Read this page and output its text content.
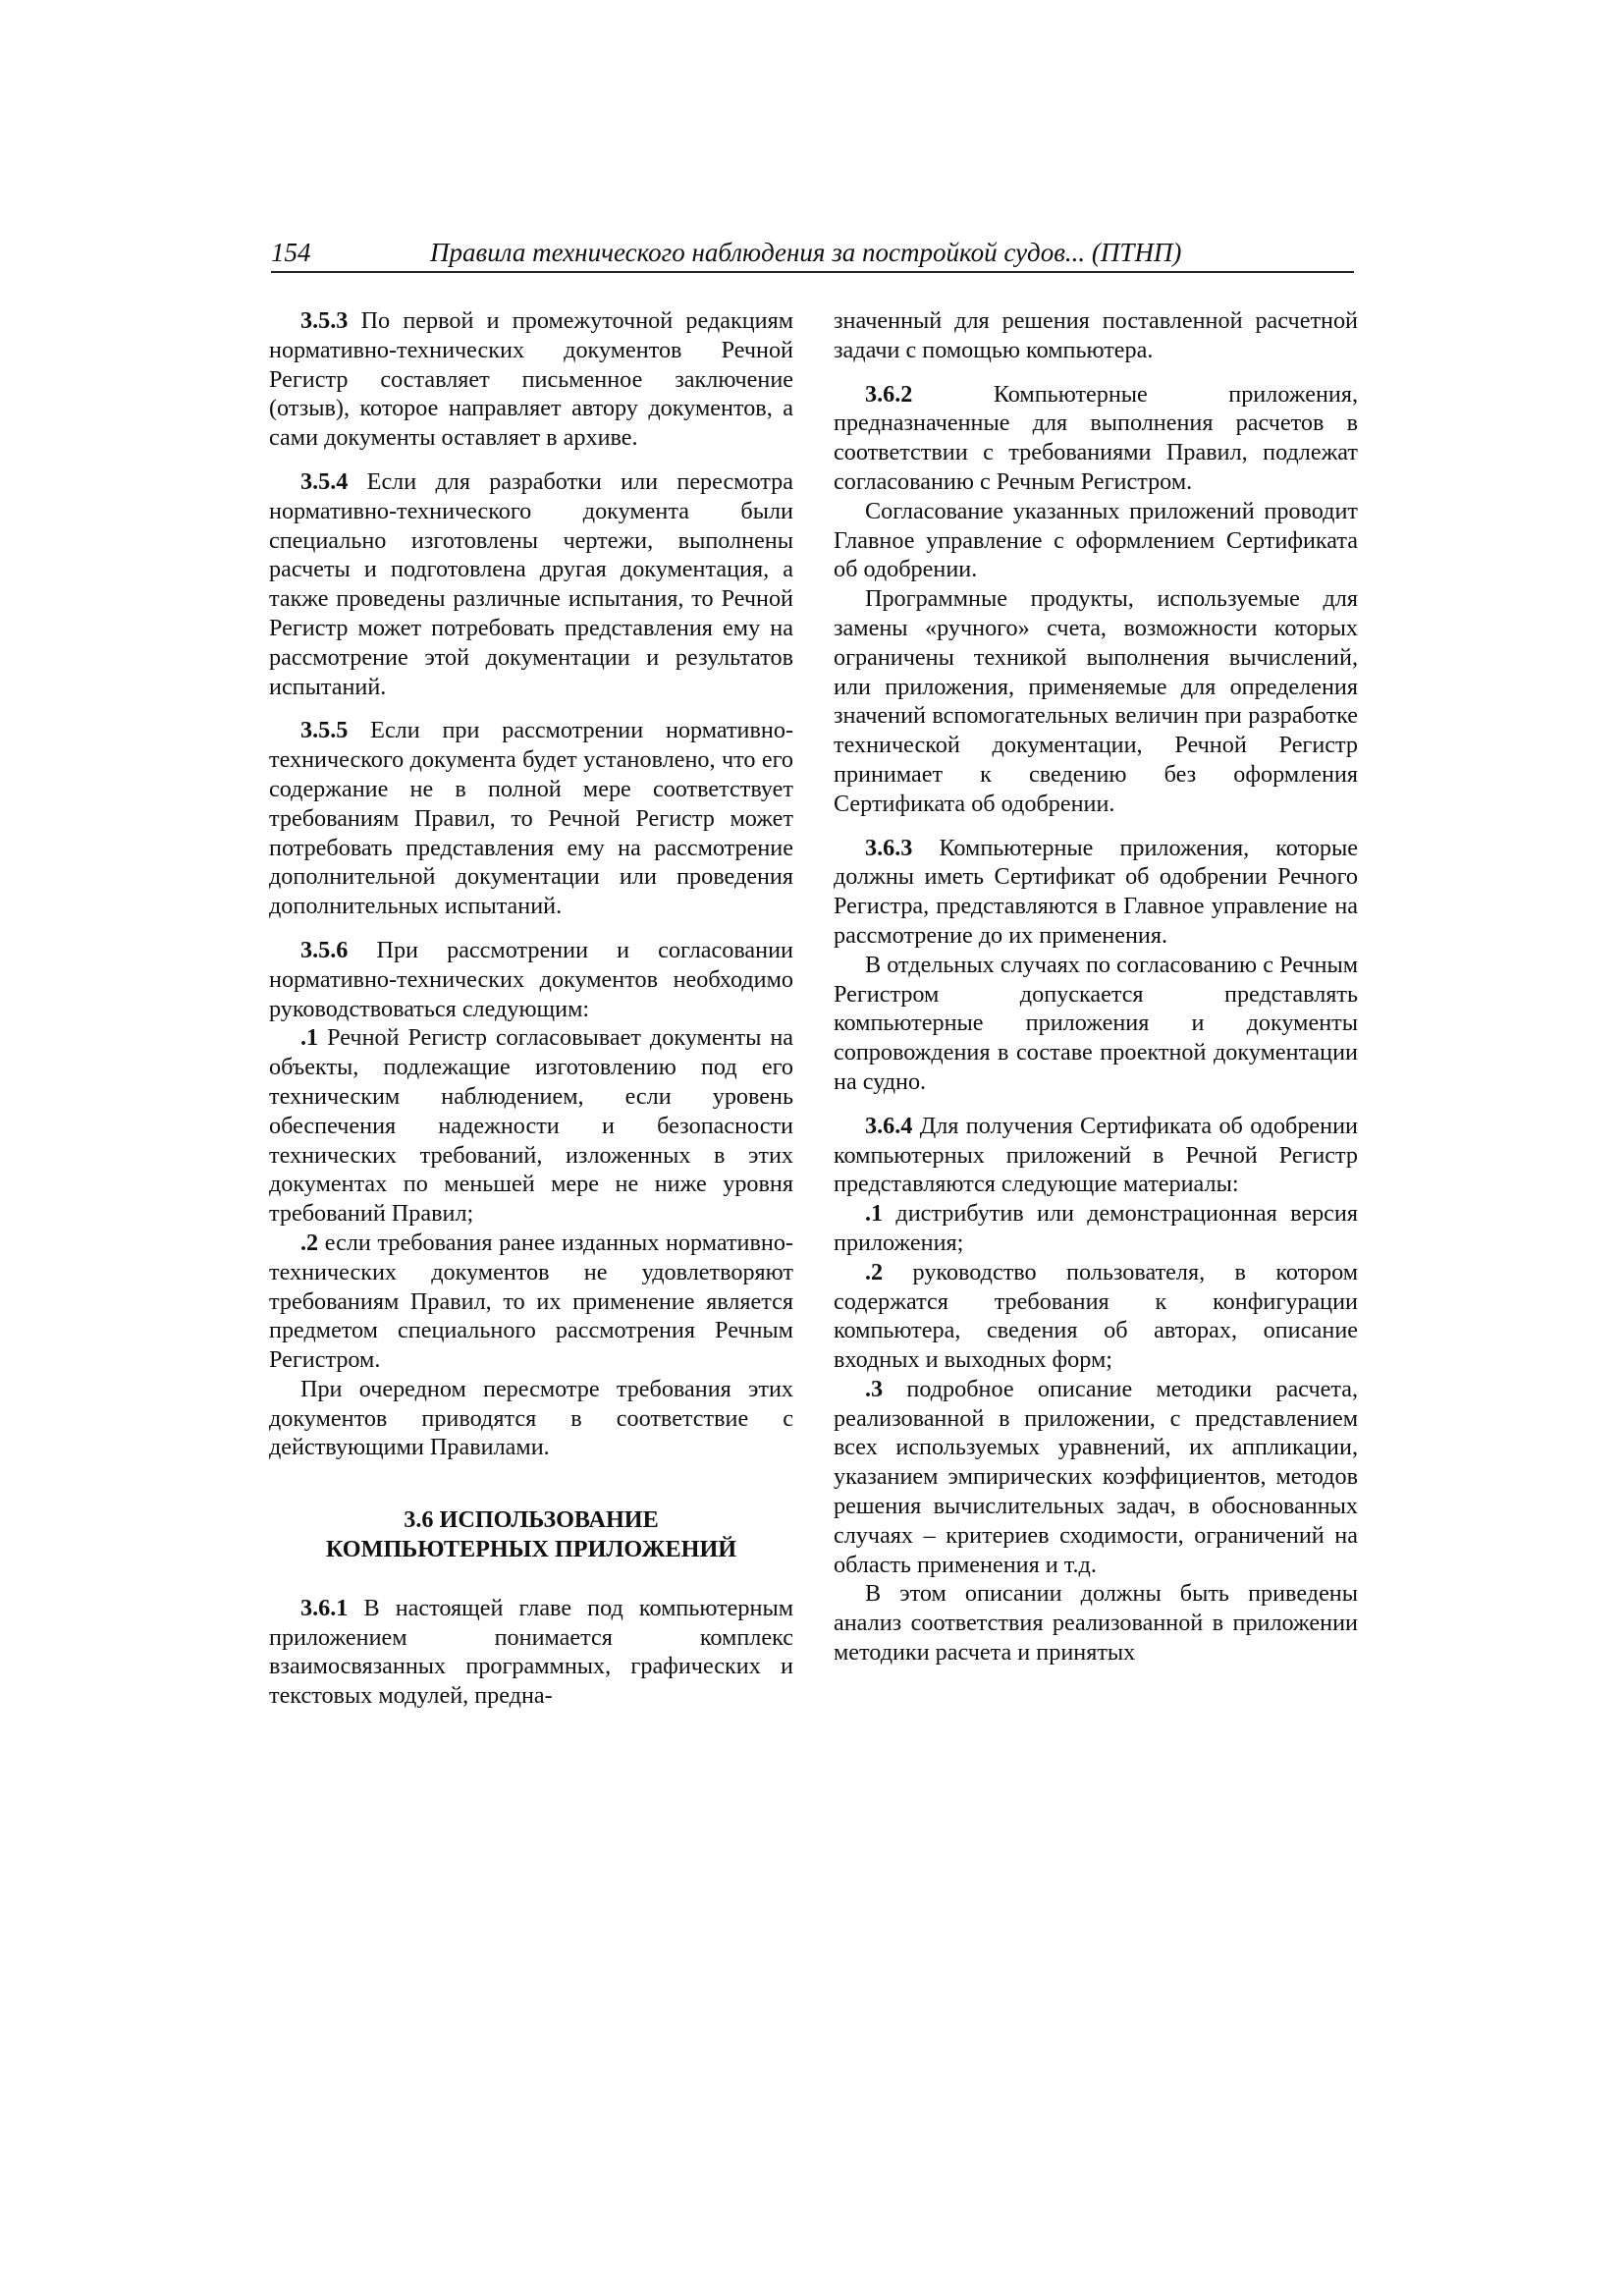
154	Правила технического наблюдения за постройкой судов... (ПТНП)

3.5.3 По первой и промежуточной редакциям нормативно-технических документов Речной Регистр составляет письменное заключение (отзыв), которое направляет автору документов, а сами документы оставляет в архиве.

3.5.4 Если для разработки или пересмотра нормативно-технического документа были специально изготовлены чертежи, выполнены расчеты и подготовлена другая документация, а также проведены различные испытания, то Речной Регистр может потребовать представления ему на рассмотрение этой документации и результатов испытаний.

3.5.5 Если при рассмотрении нормативно-технического документа будет установлено, что его содержание не в полной мере соответствует требованиям Правил, то Речной Регистр может потребовать представления ему на рассмотрение дополнительной документации или проведения дополнительных испытаний.

3.5.6 При рассмотрении и согласовании нормативно-технических документов необходимо руководствоваться следующим:

.1 Речной Регистр согласовывает документы на объекты, подлежащие изготовлению под его техническим наблюдением, если уровень обеспечения надежности и безопасности технических требований, изложенных в этих документах по меньшей мере не ниже уровня требований Правил;

.2 если требования ранее изданных нормативно-технических документов не удовлетворяют требованиям Правил, то их применение является предметом специального рассмотрения Речным Регистром.

При очередном пересмотре требования этих документов приводятся в соответствие с действующими Правилами.

3.6 ИСПОЛЬЗОВАНИЕ
КОМПЬЮТЕРНЫХ ПРИЛОЖЕНИЙ

3.6.1 В настоящей главе под компьютерным приложением понимается комплекс взаимосвязанных программных, графических и текстовых модулей, предна-

значенный для решения поставленной расчетной задачи с помощью компьютера.

3.6.2	Компьютерные приложения, предназначенные для выполнения расчетов в соответствии с требованиями Правил, подлежат согласованию с Речным Регистром.

Согласование указанных приложений проводит Главное управление с оформлением Сертификата об одобрении.

Программные продукты, используемые для замены «ручного» счета, возможности которых ограничены техникой выполнения вычислений, или приложения, применяемые для определения значений вспомогательных величин при разработке технической документации, Речной Регистр принимает к сведению без оформления Сертификата об одобрении.

3.6.3 Компьютерные приложения, которые должны иметь Сертификат об одобрении Речного Регистра, представляются в Главное управление на рассмотрение до их применения.

В отдельных случаях по согласованию с Речным Регистром допускается представлять компьютерные приложения и документы сопровождения в составе проектной документации на судно.

3.6.4 Для получения Сертификата об одобрении компьютерных приложений в Речной Регистр представляются следующие материалы:

.1 дистрибутив или демонстрационная версия приложения;

.2 руководство пользователя, в котором содержатся требования к конфигурации компьютера, сведения об авторах, описание входных и выходных форм;

.3 подробное описание методики расчета, реализованной в приложении, с представлением всех используемых уравнений, их аппликации, указанием эмпирических коэффициентов, методов решения вычислительных задач, в обоснованных случаях – критериев сходимости, ограничений на область применения и т.д.

В этом описании должны быть приведены анализ соответствия реализованной в приложении методики расчета и принятых
